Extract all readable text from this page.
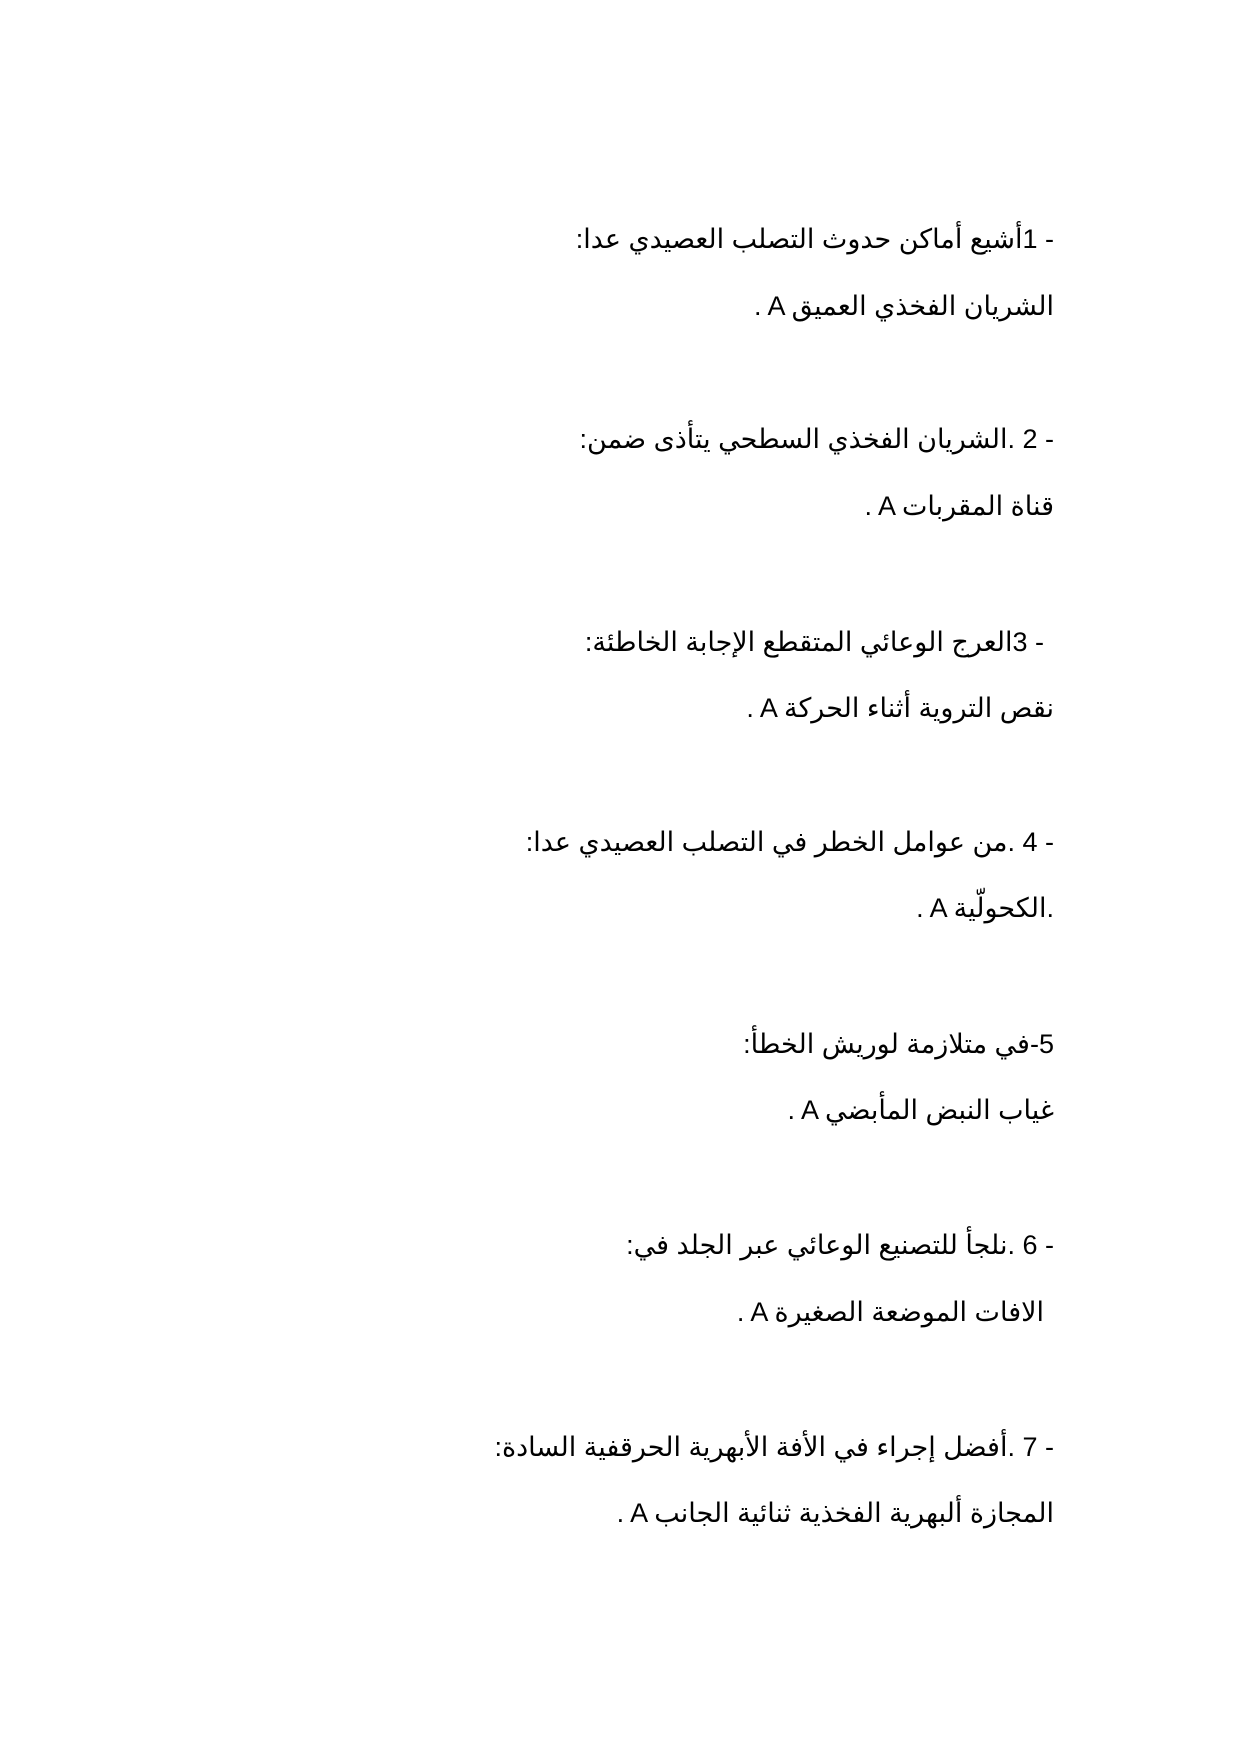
- 1أشيع أماكن حدوث التصلب العصيدي عدا:
. A الشريان الفخذي العميق
- 2 .الشريان الفخذي السطحي يتأذى ضمن:
. A قناة المقربات
- 3العرج الوعائي المتقطع الإجابة الخاطئة:
. A نقص التروية أثناء الحركة
- 4 .من عوامل الخطر في التصلب العصيدي عدا:
. A الكحولّية.
5-في متلازمة لوريش الخطأ:
. A غياب النبض المأبضي
- 6 .نلجأ للتصنيع الوعائي عبر الجلد في:
. A الافات الموضعة الصغيرة
- 7 .أفضل إجراء في الأفة الأبهرية الحرقفية السادة:
. A المجازة ألبهرية الفخذية ثنائية الجانب
